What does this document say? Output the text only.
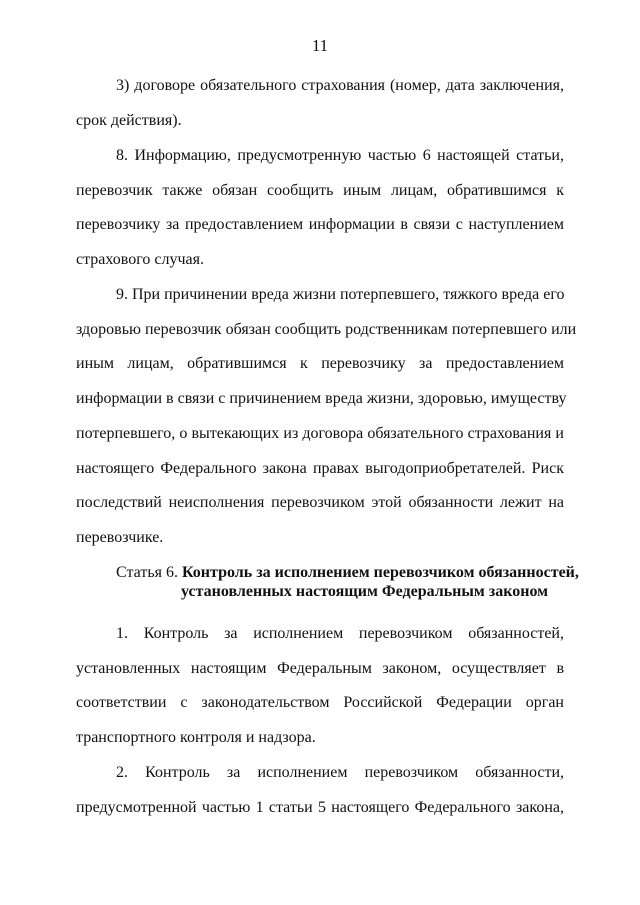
11
3) договоре обязательного страхования (номер, дата заключения,
срок действия).
8. Информацию, предусмотренную частью 6 настоящей статьи,
перевозчик также обязан сообщить иным лицам, обратившимся к
перевозчику за предоставлением информации в связи с наступлением
страхового случая.
9. При причинении вреда жизни потерпевшего, тяжкого вреда его
здоровью перевозчик обязан сообщить родственникам потерпевшего или
иным лицам, обратившимся к перевозчику за предоставлением
информации в связи с причинением вреда жизни, здоровью, имуществу
потерпевшего, о вытекающих из договора обязательного страхования и
настоящего Федерального закона правах выгодоприобретателей. Риск
последствий неисполнения перевозчиком этой обязанности лежит на
перевозчике.
Статья 6. Контроль за исполнением перевозчиком обязанностей,
установленных настоящим Федеральным законом
1. Контроль за исполнением перевозчиком обязанностей,
установленных настоящим Федеральным законом, осуществляет в
соответствии с законодательством Российской Федерации орган
транспортного контроля и надзора.
2. Контроль за исполнением перевозчиком обязанности,
предусмотренной частью 1 статьи 5 настоящего Федерального закона,
